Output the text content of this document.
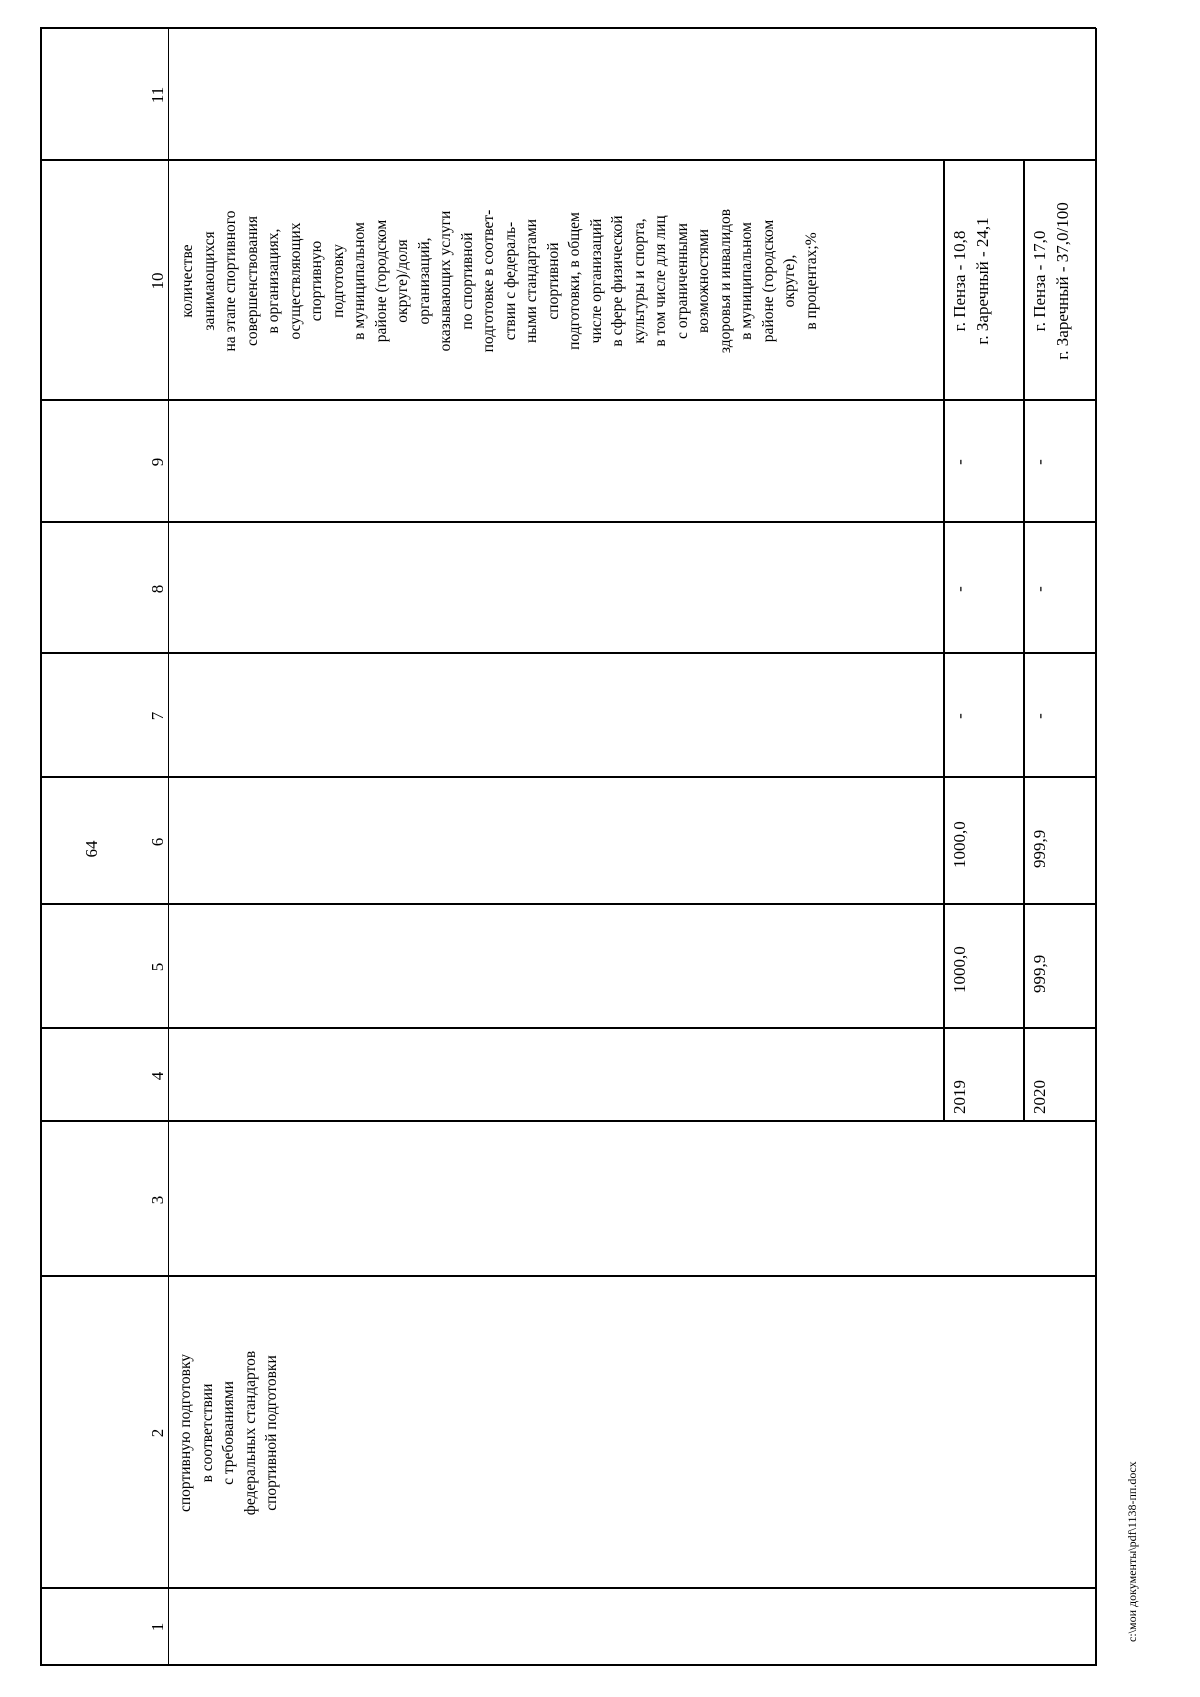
64
c:\мои документы\pdf\1138-пп.docx
1
2
3
4
5
6
7
8
9
10
11
спортивную подготовку в соответствии с требованиями федеральных стандартов спортивной подготовки
количестве занимающихся на этапе спортивного совершенствования в организациях, осуществляющих спортивную подготовку в муниципальном районе (городском округе)/доля организаций, оказывающих услуги по спортивной подготовке в соответ- ствии с федераль- ными стандартами спортивной подготовки, в общем числе организаций в сфере физической культуры и спорта, в том числе для лиц с ограниченными возможностями здоровья и инвалидов в муниципальном районе (городском округе), в процентах;%
2019
1000,0
1000,0
-
-
-
г. Пенза - 10,8 г. Заречный - 24,1
2020
999,9
999,9
-
-
-
г. Пенза - 17,0 г. Заречный - 37,0/100
